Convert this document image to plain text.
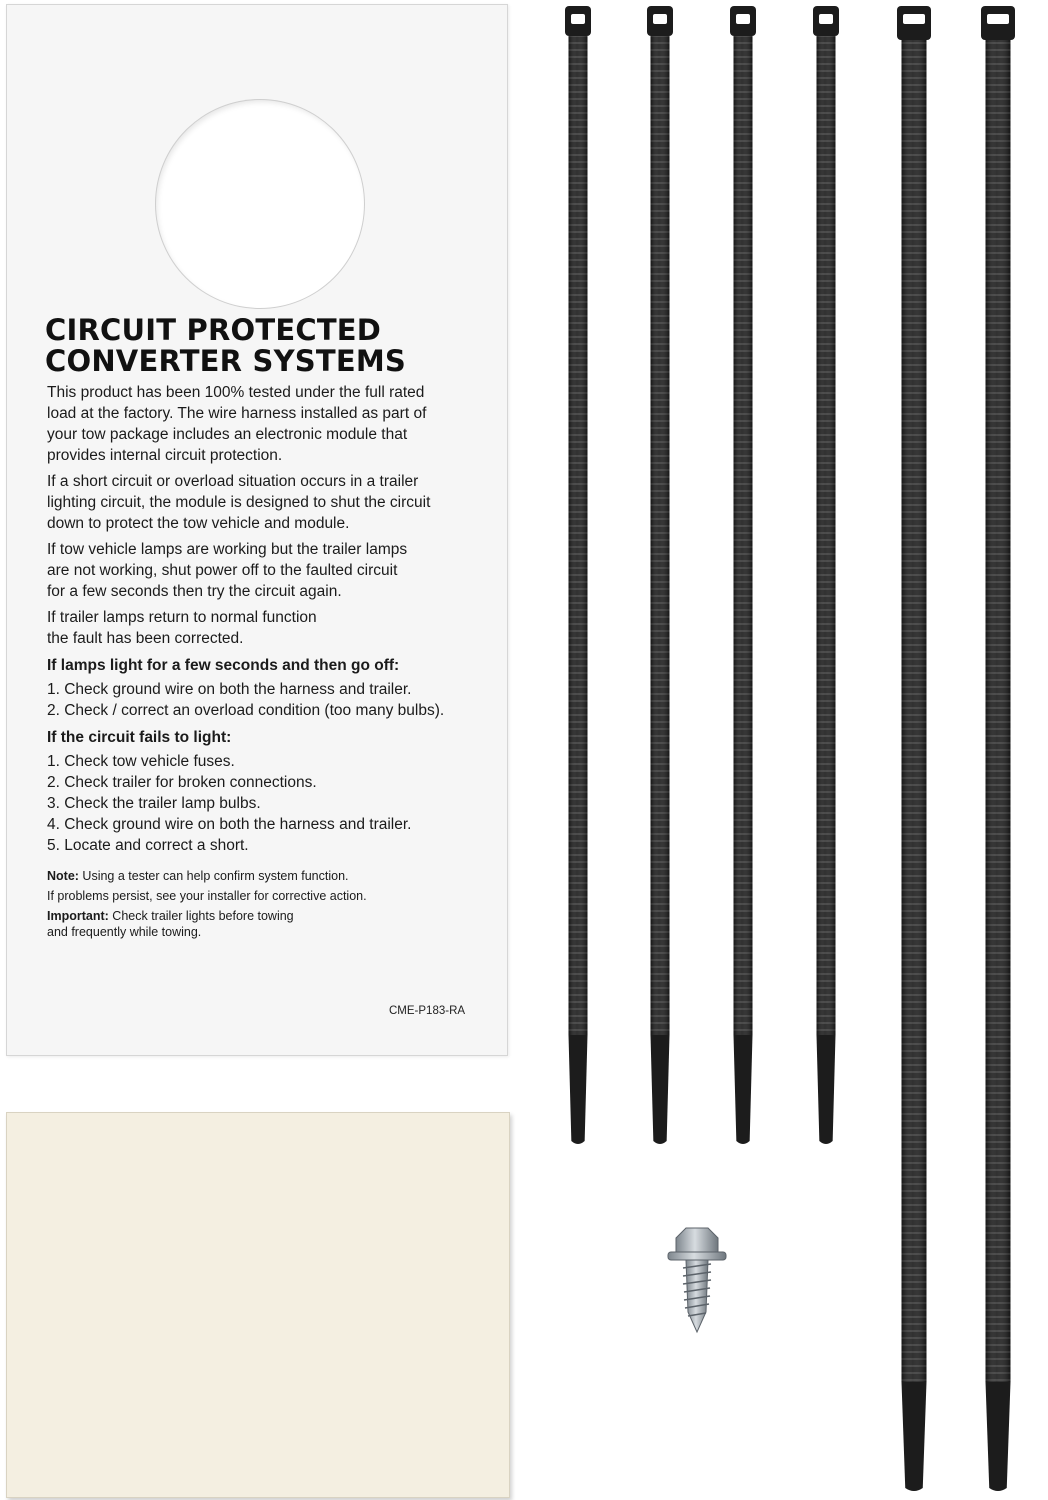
CIRCUIT PROTECTED
CONVERTER SYSTEMS

This product has been 100% tested under the full rated
load at the factory. The wire harness installed as part of
your tow package includes an electronic module that
provides internal circuit protection.

If a short circuit or overload situation occurs in a trailer
lighting circuit, the module is designed to shut the circuit
down to protect the tow vehicle and module.

If tow vehicle lamps are working but the trailer lamps
are not working, shut power off to the faulted circuit
for a few seconds then try the circuit again.

If trailer lamps return to normal function
the fault has been corrected.

If lamps light for a few seconds and then go off:
1. Check ground wire on both the harness and trailer.
2. Check / correct an overload condition (too many bulbs).
If the circuit fails to light:
1. Check tow vehicle fuses.
2. Check trailer for broken connections.
3. Check the trailer lamp bulbs.
4. Check ground wire on both the harness and trailer.
5. Locate and correct a short.
Note: Using a tester can help confirm system function.
If problems persist, see your installer for corrective action.
Important: Check trailer lights before towing
and frequently while towing.
CME-P183-RA
